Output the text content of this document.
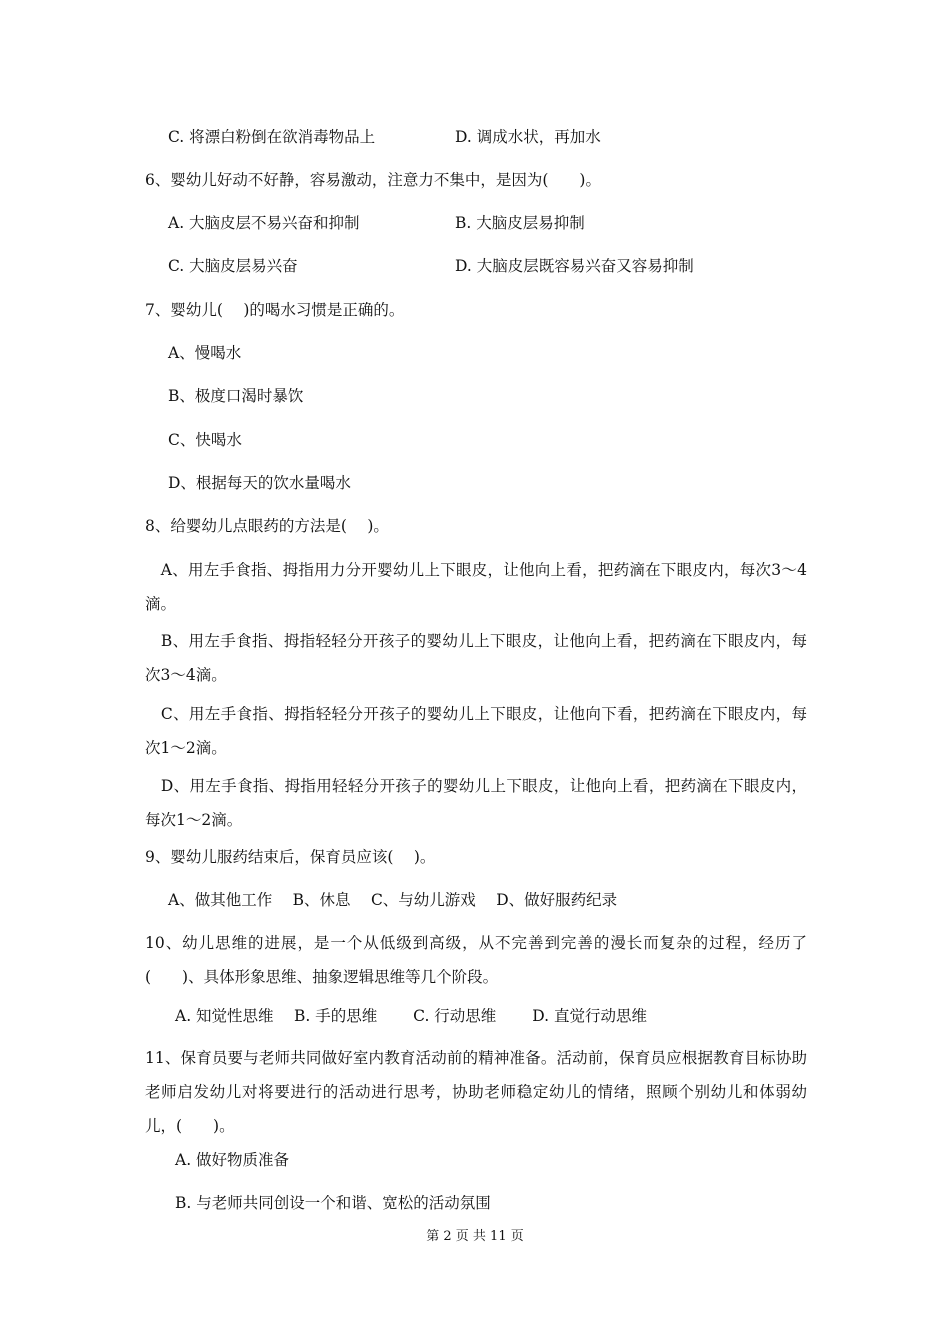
C. 将漂白粉倒在欲消毒物品上	D. 调成水状，再加水
6、婴幼儿好动不好静，容易激动，注意力不集中，是因为(　　)。
A. 大脑皮层不易兴奋和抑制	B. 大脑皮层易抑制
C. 大脑皮层易兴奋	D. 大脑皮层既容易兴奋又容易抑制
7、婴幼儿(　 )的喝水习惯是正确的。
A、慢喝水
B、极度口渴时暴饮
C、快喝水
D、根据每天的饮水量喝水
8、给婴幼儿点眼药的方法是(　 )。
　A、用左手食指、拇指用力分开婴幼儿上下眼皮，让他向上看，把药滴在下眼皮内，每次3～4滴。
　B、用左手食指、拇指轻轻分开孩子的婴幼儿上下眼皮，让他向上看，把药滴在下眼皮内，每次3～4滴。
　C、用左手食指、拇指轻轻分开孩子的婴幼儿上下眼皮，让他向下看，把药滴在下眼皮内，每次1～2滴。
　D、用左手食指、拇指用轻轻分开孩子的婴幼儿上下眼皮，让他向上看，把药滴在下眼皮内，每次1～2滴。
9、婴幼儿服药结束后，保育员应该(　 )。
A、做其他工作　 B、休息　 C、与幼儿游戏　 D、做好服药纪录
10、幼儿思维的进展，是一个从低级到高级，从不完善到完善的漫长而复杂的过程，经历了(　　)、具体形象思维、抽象逻辑思维等几个阶段。
A. 知觉性思维　 B. 手的思维　　 C. 行动思维　　 D. 直觉行动思维
11、保育员要与老师共同做好室内教育活动前的精神准备。活动前，保育员应根据教育目标协助老师启发幼儿对将要进行的活动进行思考，协助老师稳定幼儿的情绪，照顾个别幼儿和体弱幼儿，(　　)。
A. 做好物质准备
B. 与老师共同创设一个和谐、宽松的活动氛围
第 2 页 共 11 页
